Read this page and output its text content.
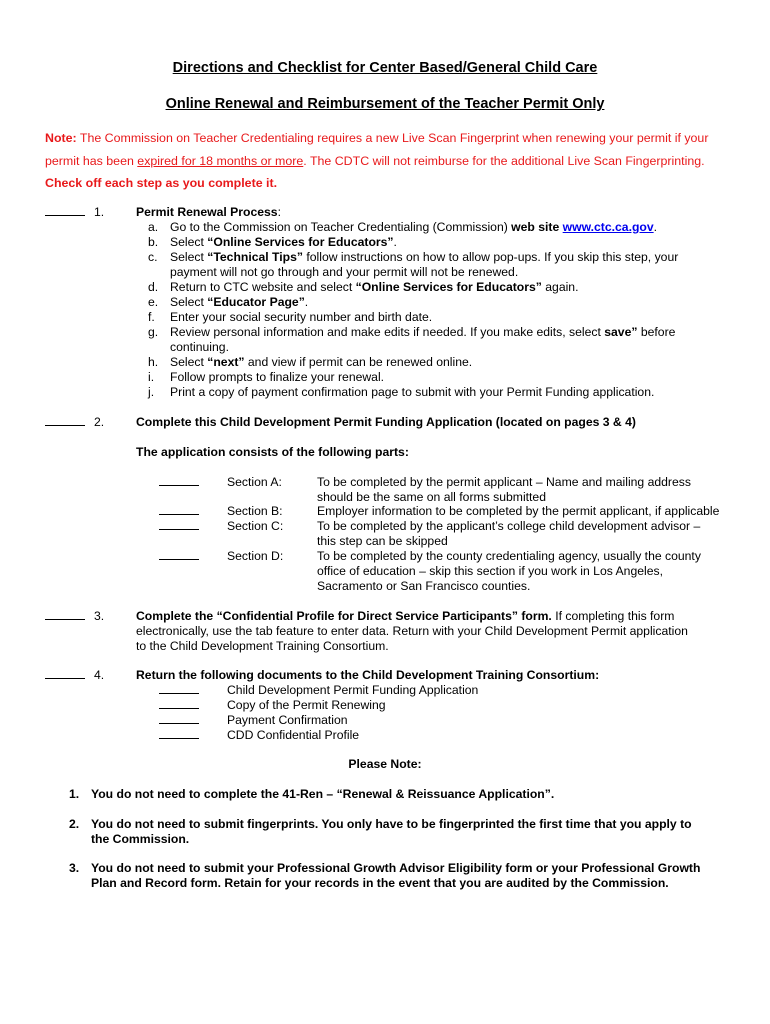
Directions and Checklist for Center Based/General Child Care
Online Renewal and Reimbursement of the Teacher Permit Only
Note: The Commission on Teacher Credentialing requires a new Live Scan Fingerprint when renewing your permit if your
permit has been expired for 18 months or more. The CDTC will not reimburse for the additional Live Scan Fingerprinting.
Check off each step as you complete it.
1.	Permit Renewal Process:
a. Go to the Commission on Teacher Credentialing (Commission) web site www.ctc.ca.gov.
b. Select “Online Services for Educators”.
c. Select “Technical Tips” follow instructions on how to allow pop-ups. If you skip this step, your
payment will not go through and your permit will not be renewed.
d. Return to CTC website and select “Online Services for Educators” again.
e. Select “Educator Page”.
f. Enter your social security number and birth date.
g. Review personal information and make edits if needed. If you make edits, select save” before
continuing.
h. Select “next” and view if permit can be renewed online.
i. Follow prompts to finalize your renewal.
j. Print a copy of payment confirmation page to submit with your Permit Funding application.
2.	Complete this Child Development Permit Funding Application (located on pages 3 & 4)
The application consists of the following parts:
Section A:	To be completed by the permit applicant – Name and mailing address
should be the same on all forms submitted
Section B:	Employer information to be completed by the permit applicant, if applicable
Section C:	To be completed by the applicant’s college child development advisor –
this step can be skipped
Section D:	To be completed by the county credentialing agency, usually the county
office of education – skip this section if you work in Los Angeles,
Sacramento or San Francisco counties.
3.	Complete the “Confidential Profile for Direct Service Participants” form. If completing this form
electronically, use the tab feature to enter data. Return with your Child Development Permit application
to the Child Development Training Consortium.
4.	Return the following documents to the Child Development Training Consortium:
Child Development Permit Funding Application
Copy of the Permit Renewing
Payment Confirmation
CDD Confidential Profile
Please Note:
1. You do not need to complete the 41-Ren – “Renewal & Reissuance Application”.
2. You do not need to submit fingerprints. You only have to be fingerprinted the first time that you apply to
the Commission.
3. You do not need to submit your Professional Growth Advisor Eligibility form or your Professional Growth
Plan and Record form. Retain for your records in the event that you are audited by the Commission.
